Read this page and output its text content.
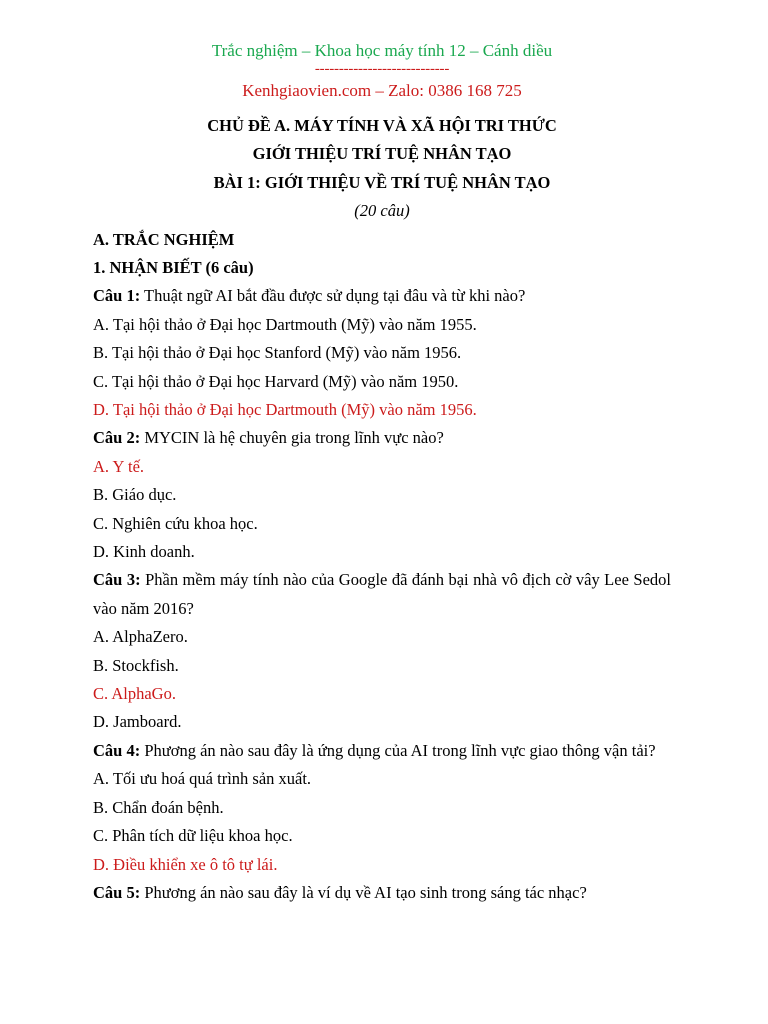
Trắc nghiệm – Khoa học máy tính 12 – Cánh diều
----------------------------
Kenhgiaovien.com – Zalo: 0386 168 725
CHỦ ĐỀ A. MÁY TÍNH VÀ XÃ HỘI TRI THỨC
GIỚI THIỆU TRÍ TUỆ NHÂN TẠO
BÀI 1: GIỚI THIỆU VỀ TRÍ TUỆ NHÂN TẠO
(20 câu)
A. TRẮC NGHIỆM
1. NHẬN BIẾT (6 câu)
Câu 1: Thuật ngữ AI bắt đầu được sử dụng tại đâu và từ khi nào?
A. Tại hội thảo ở Đại học Dartmouth (Mỹ) vào năm 1955.
B. Tại hội thảo ở Đại học Stanford (Mỹ) vào năm 1956.
C. Tại hội thảo ở Đại học Harvard (Mỹ) vào năm 1950.
D. Tại hội thảo ở Đại học Dartmouth (Mỹ) vào năm 1956.
Câu 2: MYCIN là hệ chuyên gia trong lĩnh vực nào?
A. Y tế.
B. Giáo dục.
C. Nghiên cứu khoa học.
D. Kinh doanh.
Câu 3: Phần mềm máy tính nào của Google đã đánh bại nhà vô địch cờ vây Lee Sedol vào năm 2016?
A. AlphaZero.
B. Stockfish.
C. AlphaGo.
D. Jamboard.
Câu 4: Phương án nào sau đây là ứng dụng của AI trong lĩnh vực giao thông vận tải?
A. Tối ưu hoá quá trình sản xuất.
B. Chẩn đoán bệnh.
C. Phân tích dữ liệu khoa học.
D. Điều khiển xe ô tô tự lái.
Câu 5: Phương án nào sau đây là ví dụ về AI tạo sinh trong sáng tác nhạc?
